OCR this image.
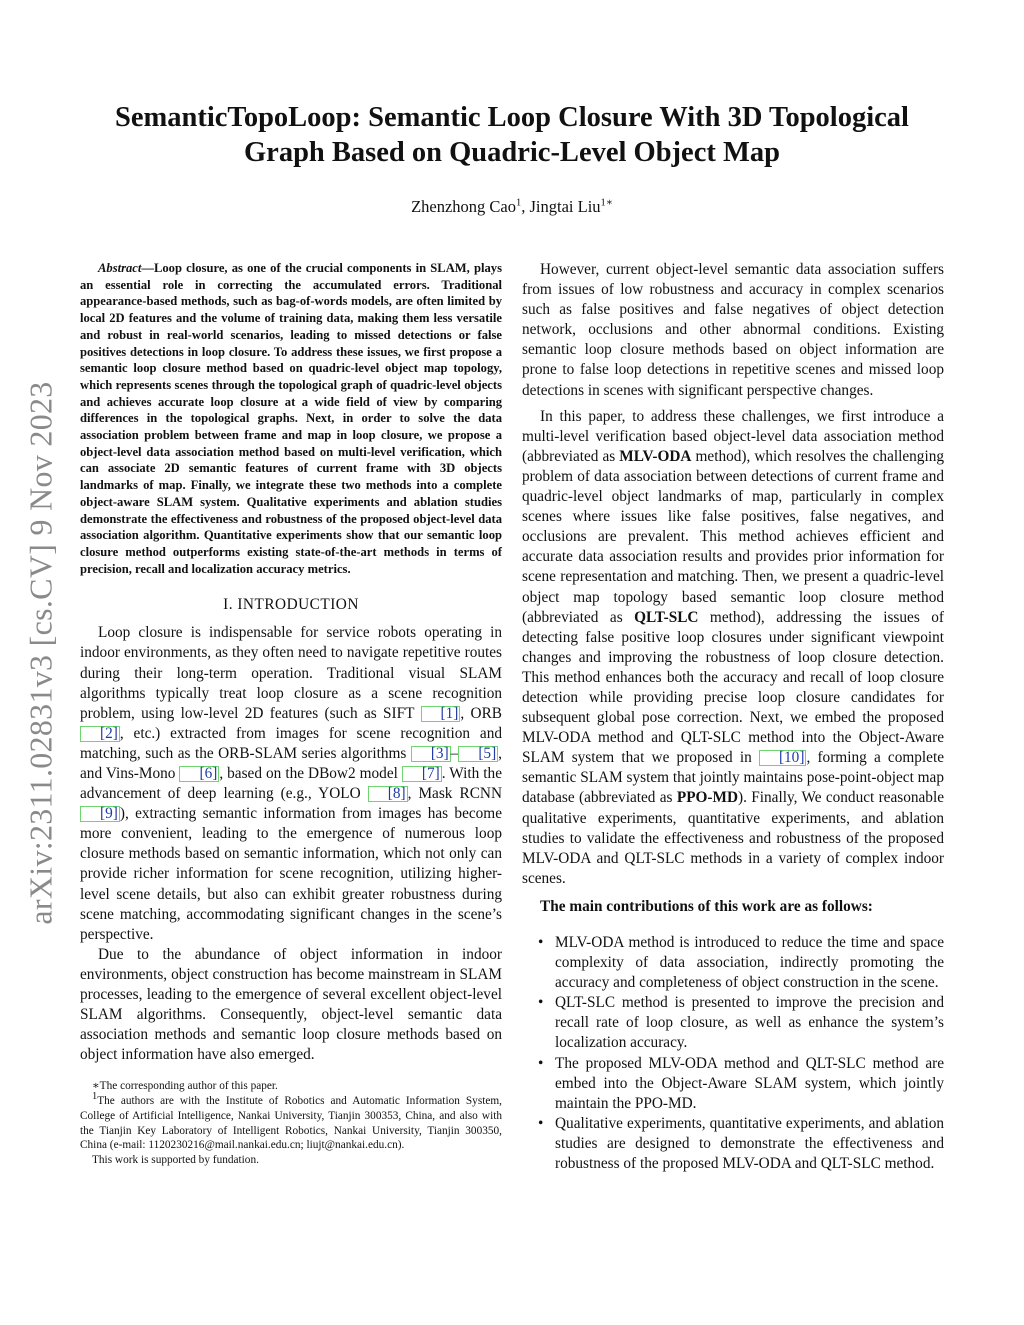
arXiv:2311.02831v3 [cs.CV] 9 Nov 2023
SemanticTopoLoop: Semantic Loop Closure With 3D Topological
Graph Based on Quadric-Level Object Map
Zhenzhong Cao$^1$, Jingtai Liu$^{1∗}$

Abstract—Loop closure, as one of the crucial components in SLAM, plays an essential role in correcting the accumulated errors. Traditional appearance-based methods, such as bag-of-words models, are often limited by local 2D features and the volume of training data, making them less versatile and robust in real-world scenarios, leading to missed detections or false positives detections in loop closure. To address these issues, we first propose a semantic loop closure method based on quadric-level object map topology, which represents scenes through the topological graph of quadric-level objects and achieves accurate loop closure at a wide field of view by comparing differences in the topological graphs. Next, in order to solve the data association problem between frame and map in loop closure, we propose a object-level data association method based on multi-level verification, which can associate 2D semantic features of current frame with 3D objects landmarks of map. Finally, we integrate these two methods into a complete object-aware SLAM system. Qualitative experiments and ablation studies demonstrate the effectiveness and robustness of the proposed object-level data association algorithm. Quantitative experiments show that our semantic loop closure method outperforms existing state-of-the-art methods in terms of precision, recall and localization accuracy metrics.

I. INTRODUCTION

Loop closure is indispensable for service robots operating in indoor environments, as they often need to navigate repetitive routes during their long-term operation. Traditional visual SLAM algorithms typically treat loop closure as a scene recognition problem, using low-level 2D features (such as SIFT [1] , ORB [2] , etc.) extracted from images for scene recognition and matching, such as the ORB-SLAM series algorithms [3] – [5] , and Vins-Mono [6] , based on the DBow2 model [7] . With the advancement of deep learning (e.g., YOLO [8] , Mask RCNN [9] ), extracting semantic information from images has become more convenient, leading to the emergence of numerous loop closure methods based on semantic information, which not only can provide richer information for scene recognition, utilizing higher-level scene details, but also can exhibit greater robustness during scene matching, accommodating significant changes in the scene’s perspective.

Due to the abundance of object information in indoor environments, object construction has become mainstream in SLAM processes, leading to the emergence of several excellent object-level SLAM algorithms. Consequently, object-level semantic data association methods and semantic loop closure methods based on object information have also emerged.

∗The corresponding author of this paper.

$^1$The authors are with the Institute of Robotics and Automatic Information System, College of Artificial Intelligence, Nankai University, Tianjin 300353, China, and also with the Tianjin Key Laboratory of Intelligent Robotics, Nankai University, Tianjin 300350, China (e-mail: 1120230216@mail.nankai.edu.cn; liujt@nankai.edu.cn).

This work is supported by fundation.

However, current object-level semantic data association suffers from issues of low robustness and accuracy in complex scenarios such as false positives and false negatives of object detection network, occlusions and other abnormal conditions. Existing semantic loop closure methods based on object information are prone to false loop detections in repetitive scenes and missed loop detections in scenes with significant perspective changes.

In this paper, to address these challenges, we first introduce a multi-level verification based object-level data association method (abbreviated as MLV-ODA method), which resolves the challenging problem of data association between detections of current frame and quadric-level object landmarks of map, particularly in complex scenes where issues like false positives, false negatives, and occlusions are prevalent. This method achieves efficient and accurate data association results and provides prior information for scene representation and matching. Then, we present a quadric-level object map topology based semantic loop closure method (abbreviated as QLT-SLC method), addressing the issues of detecting false positive loop closures under significant viewpoint changes and improving the robustness of loop closure detection. This method enhances both the accuracy and recall of loop closure detection while providing precise loop closure candidates for subsequent global pose correction. Next, we embed the proposed MLV-ODA method and QLT-SLC method into the Object-Aware SLAM system that we proposed in [10] , forming a complete semantic SLAM system that jointly maintains pose-point-object map database (abbreviated as PPO-MD). Finally, We conduct reasonable qualitative experiments, quantitative experiments, and ablation studies to validate the effectiveness and robustness of the proposed MLV-ODA and QLT-SLC methods in a variety of complex indoor scenes.

The main contributions of this work are as follows:

• MLV-ODA method is introduced to reduce the time and space complexity of data association, indirectly promoting the accuracy and completeness of object construction in the scene.
• QLT-SLC method is presented to improve the precision and recall rate of loop closure, as well as enhance the system’s localization accuracy.
• The proposed MLV-ODA method and QLT-SLC method are embed into the Object-Aware SLAM system, which jointly maintain the PPO-MD.
• Qualitative experiments, quantitative experiments, and ablation studies are designed to demonstrate the effectiveness and robustness of the proposed MLV-ODA and QLT-SLC method.
